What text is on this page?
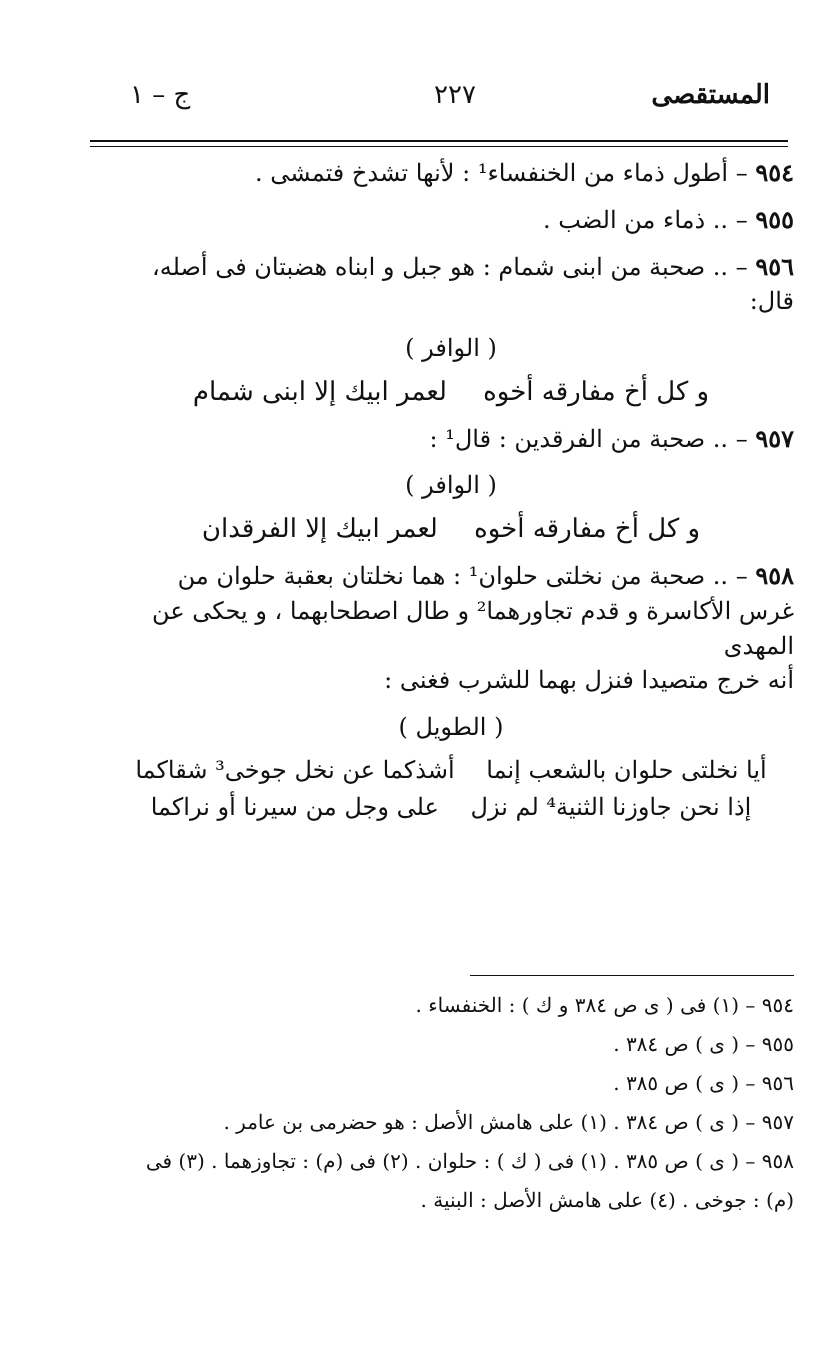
المستقصى
٢٢٧
ج – ١
٩٥٤ – أطول ذماء من الخنفساء¹ : لأنها تشدخ فتمشى .
٩٥٥ – .. ذماء من الضب .
٩٥٦ – .. صحبة من ابنى شمام : هو جبل و ابناه هضبتان فى أصله، قال:
( الوافر )
و كل أخ مفارقه أخوه لعمر ابيك إلا ابنى شمام
٩٥٧ – .. صحبة من الفرقدين : قال¹ :
( الوافر )
و كل أخ مفارقه أخوه لعمر ابيك إلا الفرقدان
٩٥٨ – .. صحبة من نخلتى حلوان¹ : هما نخلتان بعقبة حلوان من
غرس الأكاسرة و قدم تجاورهما² و طال اصطحابهما ، و يحكى عن المهدى
أنه خرج متصيدا فنزل بهما للشرب فغنى :
( الطويل )
أيا نخلتى حلوان بالشعب إنما أشذكما عن نخل جوخى³ شقاكما
إذا نحن جاوزنا الثنية⁴ لم نزل على وجل من سيرنا أو نراكما
٩٥٤ – (١) فى ( ى ص ٣٨٤ و ك ) : الخنفساء .
٩٥٥ – ( ى ) ص ٣٨٤ .
٩٥٦ – ( ى ) ص ٣٨٥ .
٩٥٧ – ( ى ) ص ٣٨٤ . (١) على هامش الأصل : هو حضرمى بن عامر .
٩٥٨ – ( ى ) ص ٣٨٥ . (١) فى ( ك ) : حلوان . (٢) فى (م) : تجاوزهما . (٣) فى
(م) : جوخى . (٤) على هامش الأصل : البنية .
